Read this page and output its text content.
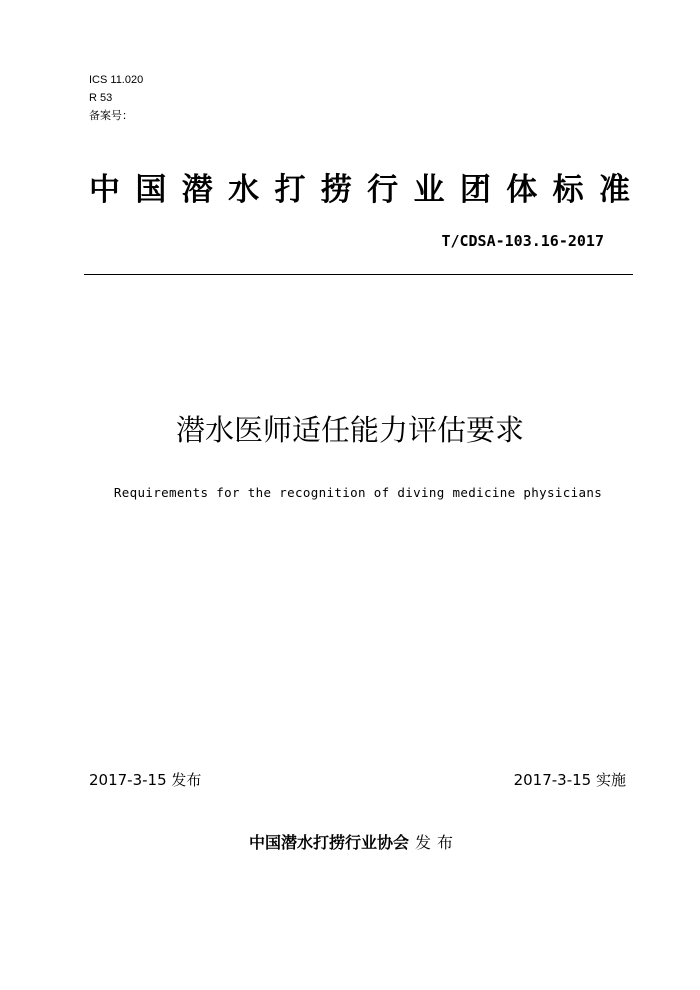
ICS 11.020
R 53
备案号：
中 国 潜 水 打 捞 行 业 团 体 标 准
T/CDSA-103.16-2017
潜水医师适任能力评估要求
Requirements for the recognition of diving medicine physicians
2017-3-15 发布	2017-3-15 实施
中国潜水打捞行业协会 发布
